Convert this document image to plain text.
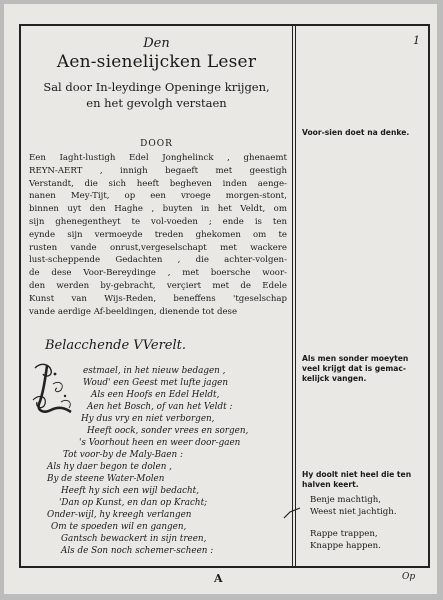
Den
Aen-sienelijcken Leser
Sal door In-leydinge Openinge krijgen,
en het gevolgh verstaen
DOOR
Een Iaght-lustigh Edel Jonghelinck , ghenaemt
REYN-AERT , innigh begaeft met geestigh
Verstandt, die sich heeft begheven inden aenge-
nanen Mey-Tijt, op een vroege morgen-stont,
binnen uyt den Haghe , buyten in het Veldt, om
sijn ghenegentheyt te vol-voeden ; ende is ten
eynde sijn vermoeyde treden ghekomen om te
rusten vande onrust,vergeselschapt met wackere
lust-scheppende Gedachten , die achter-volgen-
de dese Voor-Bereydinge , met boersche woor-
den werden by-gebracht, verçiert met de Edele
Kunst van Wijs-Reden, beneffens 'tgeselschap
vande aerdige Af-beeldingen, dienende tot dese
Belacchende VVerelt.
estmael, in het nieuw bedagen ,
Woud' een Geest met lufte jagen
Als een Hoofs en Edel Heldt,
Aen het Bosch, of van het Veldt :
Hy dus vry en niet verborgen,
Heeft oock, sonder vrees en sorgen,
's Voorhout heen en weer door-gaen
Tot voor-by de Maly-Baen :
Als hy daer begon te dolen ,
By de steene Water-Molen
Heeft hy sich een wijl bedacht,
'Dan op Kunst, en dan op Kracht;
Onder-wijl, hy kreegh verlangen
Om te spoeden wil en gangen,
Gantsch bewackert in sijn treen,
Als de Son noch schemer-scheen :
1
Voor-sien doet na denke.
Als men sonder moeyten
veel krijgt dat is gemac-
kelijck vangen.
Hy doolt niet heel die ten
halven keert.
Benje machtigh,
Weest niet jachtigh.
Rappe trappen,
Knappe happen.
A	Op
